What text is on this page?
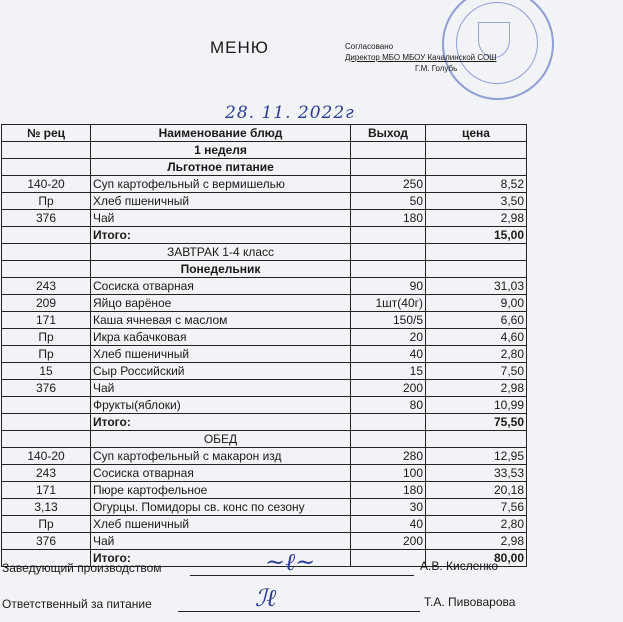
МЕНЮ	Согласовано
Директор МБО МБОУ Качалинской СОШ
Г.М. Голубь
28. 11. 2022г
№ рец	Наименование блюд	Выход	цена
	1 неделя		
	Льготное питание		
140-20	Суп картофельный с вермишелью	250	8,52
Пр	Хлеб пшеничный	50	3,50
376	Чай	180	2,98
	Итого:		15,00
	ЗАВТРАК 1-4 класс		
	Понедельник		
243	Сосиска отварная	90	31,03
209	Яйцо варёное	1шт(40г)	9,00
171	Каша ячневая с маслом	150/5	6,60
Пр	Икра кабачковая	20	4,60
Пр	Хлеб пшеничный	40	2,80
15	Сыр Российский	15	7,50
376	Чай	200	2,98
	Фрукты(яблоки)	80	10,99
	Итого:		75,50
	ОБЕД		
140-20	Суп картофельный с макарон изд	280	12,95
243	Сосиска отварная	100	33,53
171	Пюре картофельное	180	20,18
3,13	Огурцы. Помидоры св. конс по сезону	30	7,56
Пр	Хлеб пшеничный	40	2,80
376	Чай	200	2,98
	Итого:		80,00
Заведующий производством	~ℓ~	А.В. Кисленко
Ответственный за питание	ℐℓ	Т.А. Пивоварова
